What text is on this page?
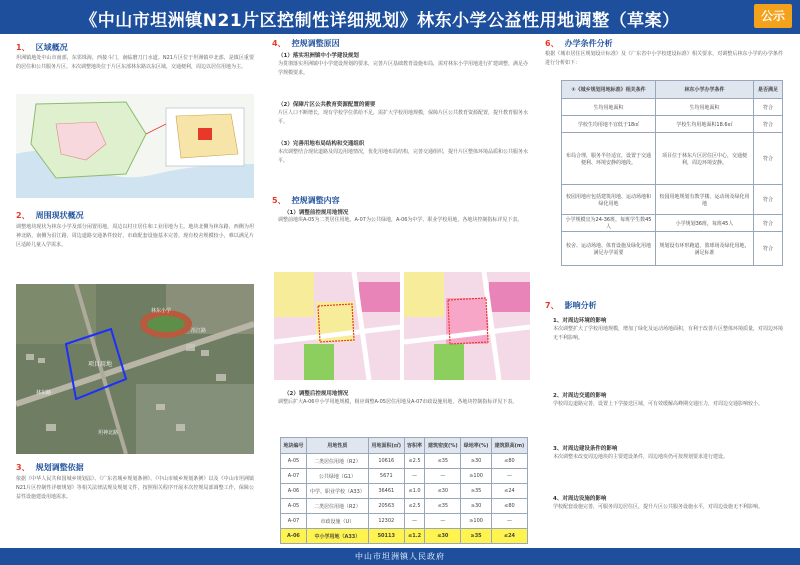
《中山市坦洲镇N21片区控制性详细规划》林东小学公益性用地调整（草案）	公示
1、 区域概况
坦洲镇地处中山市南部，东邻珠海，西接斗门，南临磨刀门水道。N21片区位于坦洲镇中北部，是镇区重要的居住和公共服务片区。本次调整地块位于片区东部林东路以东区域，交通便利，周边以居住用地为主。
2、 周围现状概况
调整地块现状为林东小学及部分闲置用地，周边以村庄居住和工业用地为主。地块北侧为林东路，西侧为坦神北路，南侧为沿江路，周边道路交通条件较好，市政配套设施基本完善。现有校舍规模较小，难以满足片区适龄儿童入学需求。
项目用地
林东小学
林东路
沿江路
坦神北路
3、 规划调整依据
依据《中华人民共和国城乡规划法》、《广东省城乡规划条例》、《中山市城乡规划条例》以及《中山市坦洲镇N21片区控制性详细规划》等相关法律法规及规划文件，按照相关程序开展本次控规局部调整工作，保障公益性设施建设用地需求。
4、 控规调整原因
（1）落实坦洲镇中小学建设规划
为贯彻落实坦洲镇中小学建设规划的要求，完善片区基础教育设施布局，需对林东小学用地进行扩建调整，满足办学规模要求。
（2）保障片区公共教育资源配置的需要
片区人口不断增长，现有学校学位供给不足，需扩大学校用地规模，保障片区公共教育资源配置，提升教育服务水平。
（3）完善用地布局结构和交通组织
本次调整结合现状道路及周边用地情况，优化用地布局结构，完善交通组织，提升片区整体环境品质和公共服务水平。
5、 控规调整内容
（1）调整前控规用地情况
调整前地块A-05为二类居住用地，A-07为公共绿地，A-06为中学、职业学校用地，各地块控制指标详见下表。
（2）调整后控规用地情况
调整后扩大A-06中小学用地规模，相应调整A-05居住用地及A-07市政设施用地，各地块控制指标详见下表。
地块编号	用地性质	用地面积(㎡)	容积率	建筑密度(%)	绿地率(%)	建筑限高(m)
A-05	二类居住用地（R2）	10616	≤2.5	≤35	≥30	≤80
A-07	公共绿地（G1）	5671	—	—	≥100	—
A-06	中学、职业学校（A33）	36461	≤1.0	≤30	≥35	≤24
A-05	二类居住用地（R2）	20563	≤2.5	≤35	≥30	≤80
A-07	市政设施（U）	12302	—	—	≥100	—
A-06	中小学用地（A33）	50113	≤1.2	≤30	≥35	≤24
6、 办学条件分析
根据《城市居住区规划设计标准》及《广东省中小学校建设标准》相关要求，对调整后林东小学的办学条件进行分析如下：
①《城乡规划用地标准》相关条件	林东小学办学条件	是否满足
生均用地面积	生均用地面积	符合
学校生均用地不宜低于18㎡	学校生均用地面积18.6㎡	符合
布局合理，服务半径适宜，设置于交通便利、环境安静的地段。	项目位于林东片区居住区中心，交通便利，周边环境安静。	符合
校园用地应包括建筑用地、运动场地和绿化用地	校园用地规划有教学楼、运动场及绿化用地	符合
小学规模宜为24-36班，每班学生数45人	小学规划36班，每班45人	符合
校舍、运动场地、体育设施及绿化用地满足办学需要	规划设有环形跑道、篮球场及绿化用地，满足标准	符合
7、 影响分析
1、对周边环境的影响
本次调整扩大了学校用地规模，增加了绿化及运动场地面积，有利于改善片区整体环境质量，对周边环境无不利影响。
2、对周边交通的影响
学校周边道路完善，设置上下学接送区域，可有效缓解高峰期交通压力，对周边交通影响较小。
3、对周边建设条件的影响
本次调整未改变周边地块的主要建设条件，周边地块仍可按规划要求进行建设。
4、对周边设施的影响
学校配套设施完善，可服务周边居住区，提升片区公共服务设施水平，对周边设施无不利影响。
中山市坦洲镇人民政府
